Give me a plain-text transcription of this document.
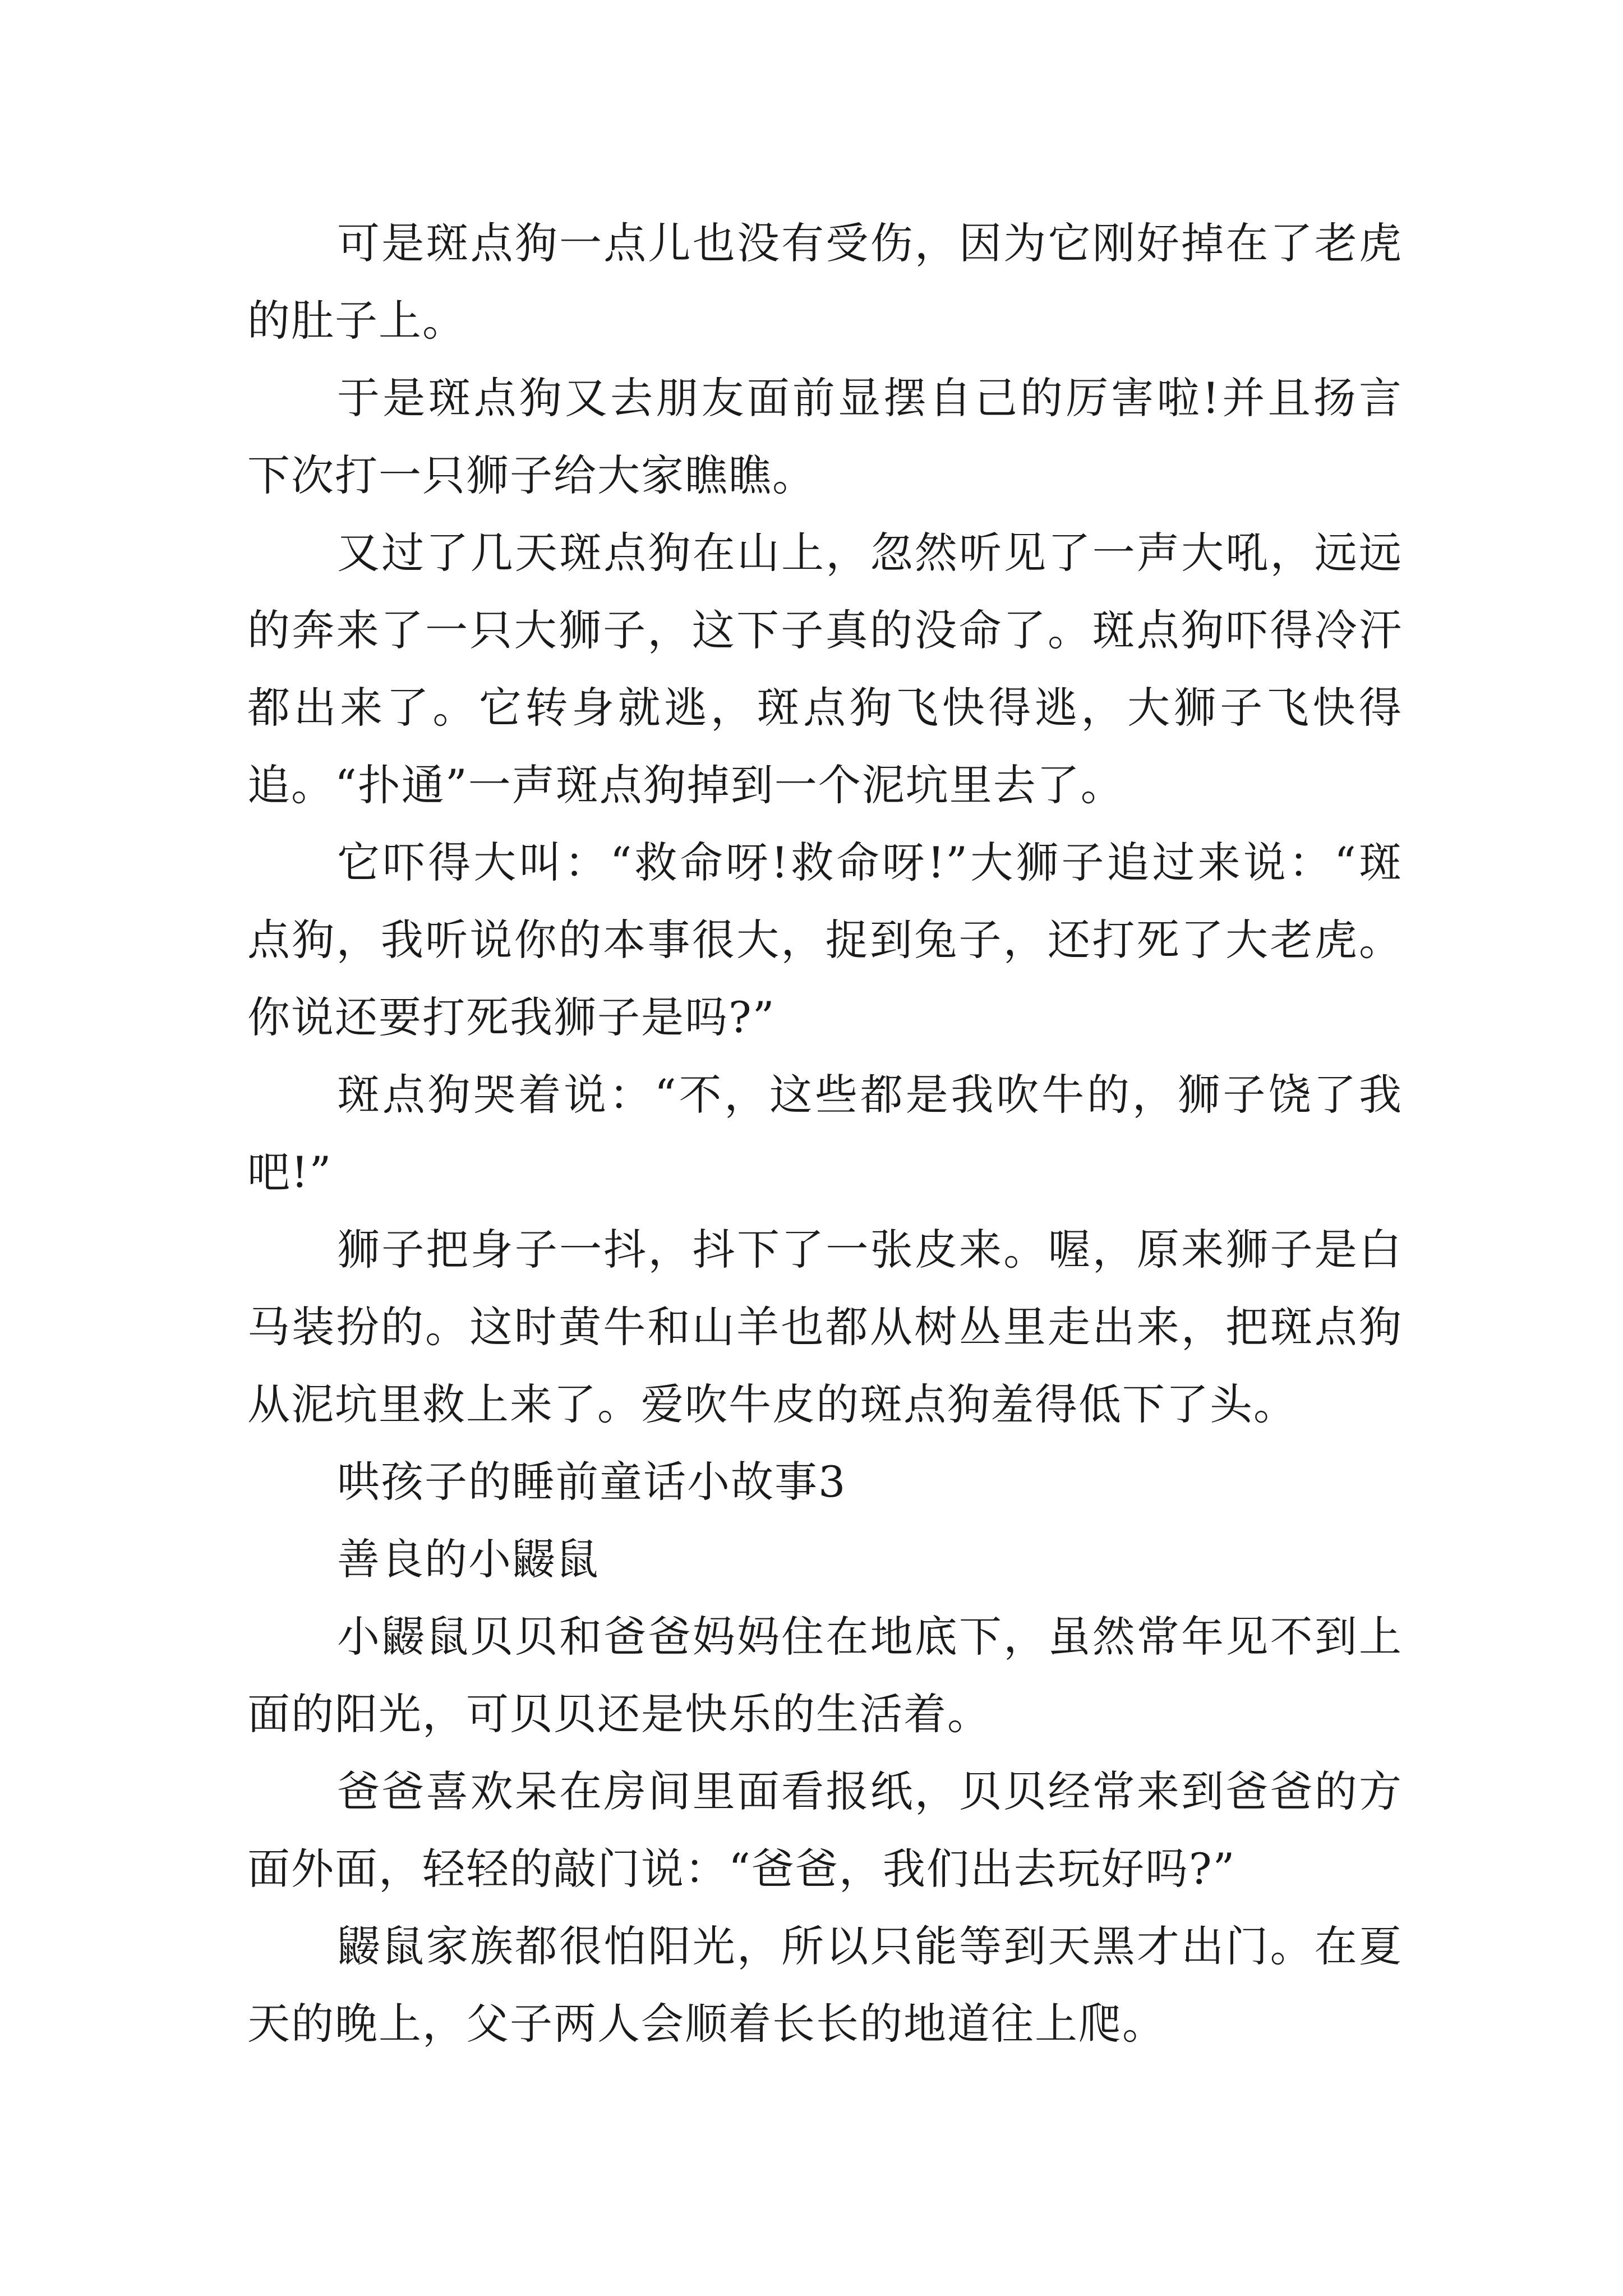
可是斑点狗一点儿也没有受伤，因为它刚好掉在了老虎的肚子上。

于是斑点狗又去朋友面前显摆自己的厉害啦!并且扬言下次打一只狮子给大家瞧瞧。

又过了几天斑点狗在山上，忽然听见了一声大吼，远远的奔来了一只大狮子，这下子真的没命了。斑点狗吓得冷汗都出来了。它转身就逃，斑点狗飞快得逃，大狮子飞快得追。“扑通”一声斑点狗掉到一个泥坑里去了。

它吓得大叫：“救命呀!救命呀!”大狮子追过来说：“斑点狗，我听说你的本事很大，捉到兔子，还打死了大老虎。你说还要打死我狮子是吗?”

斑点狗哭着说：“不，这些都是我吹牛的，狮子饶了我吧!”

狮子把身子一抖，抖下了一张皮来。喔，原来狮子是白马装扮的。这时黄牛和山羊也都从树丛里走出来，把斑点狗从泥坑里救上来了。爱吹牛皮的斑点狗羞得低下了头。

哄孩子的睡前童话小故事3

善良的小鼹鼠

小鼹鼠贝贝和爸爸妈妈住在地底下，虽然常年见不到上面的阳光，可贝贝还是快乐的生活着。

爸爸喜欢呆在房间里面看报纸，贝贝经常来到爸爸的方面外面，轻轻的敲门说：“爸爸，我们出去玩好吗?”

鼹鼠家族都很怕阳光，所以只能等到天黑才出门。在夏天的晚上，父子两人会顺着长长的地道往上爬。
